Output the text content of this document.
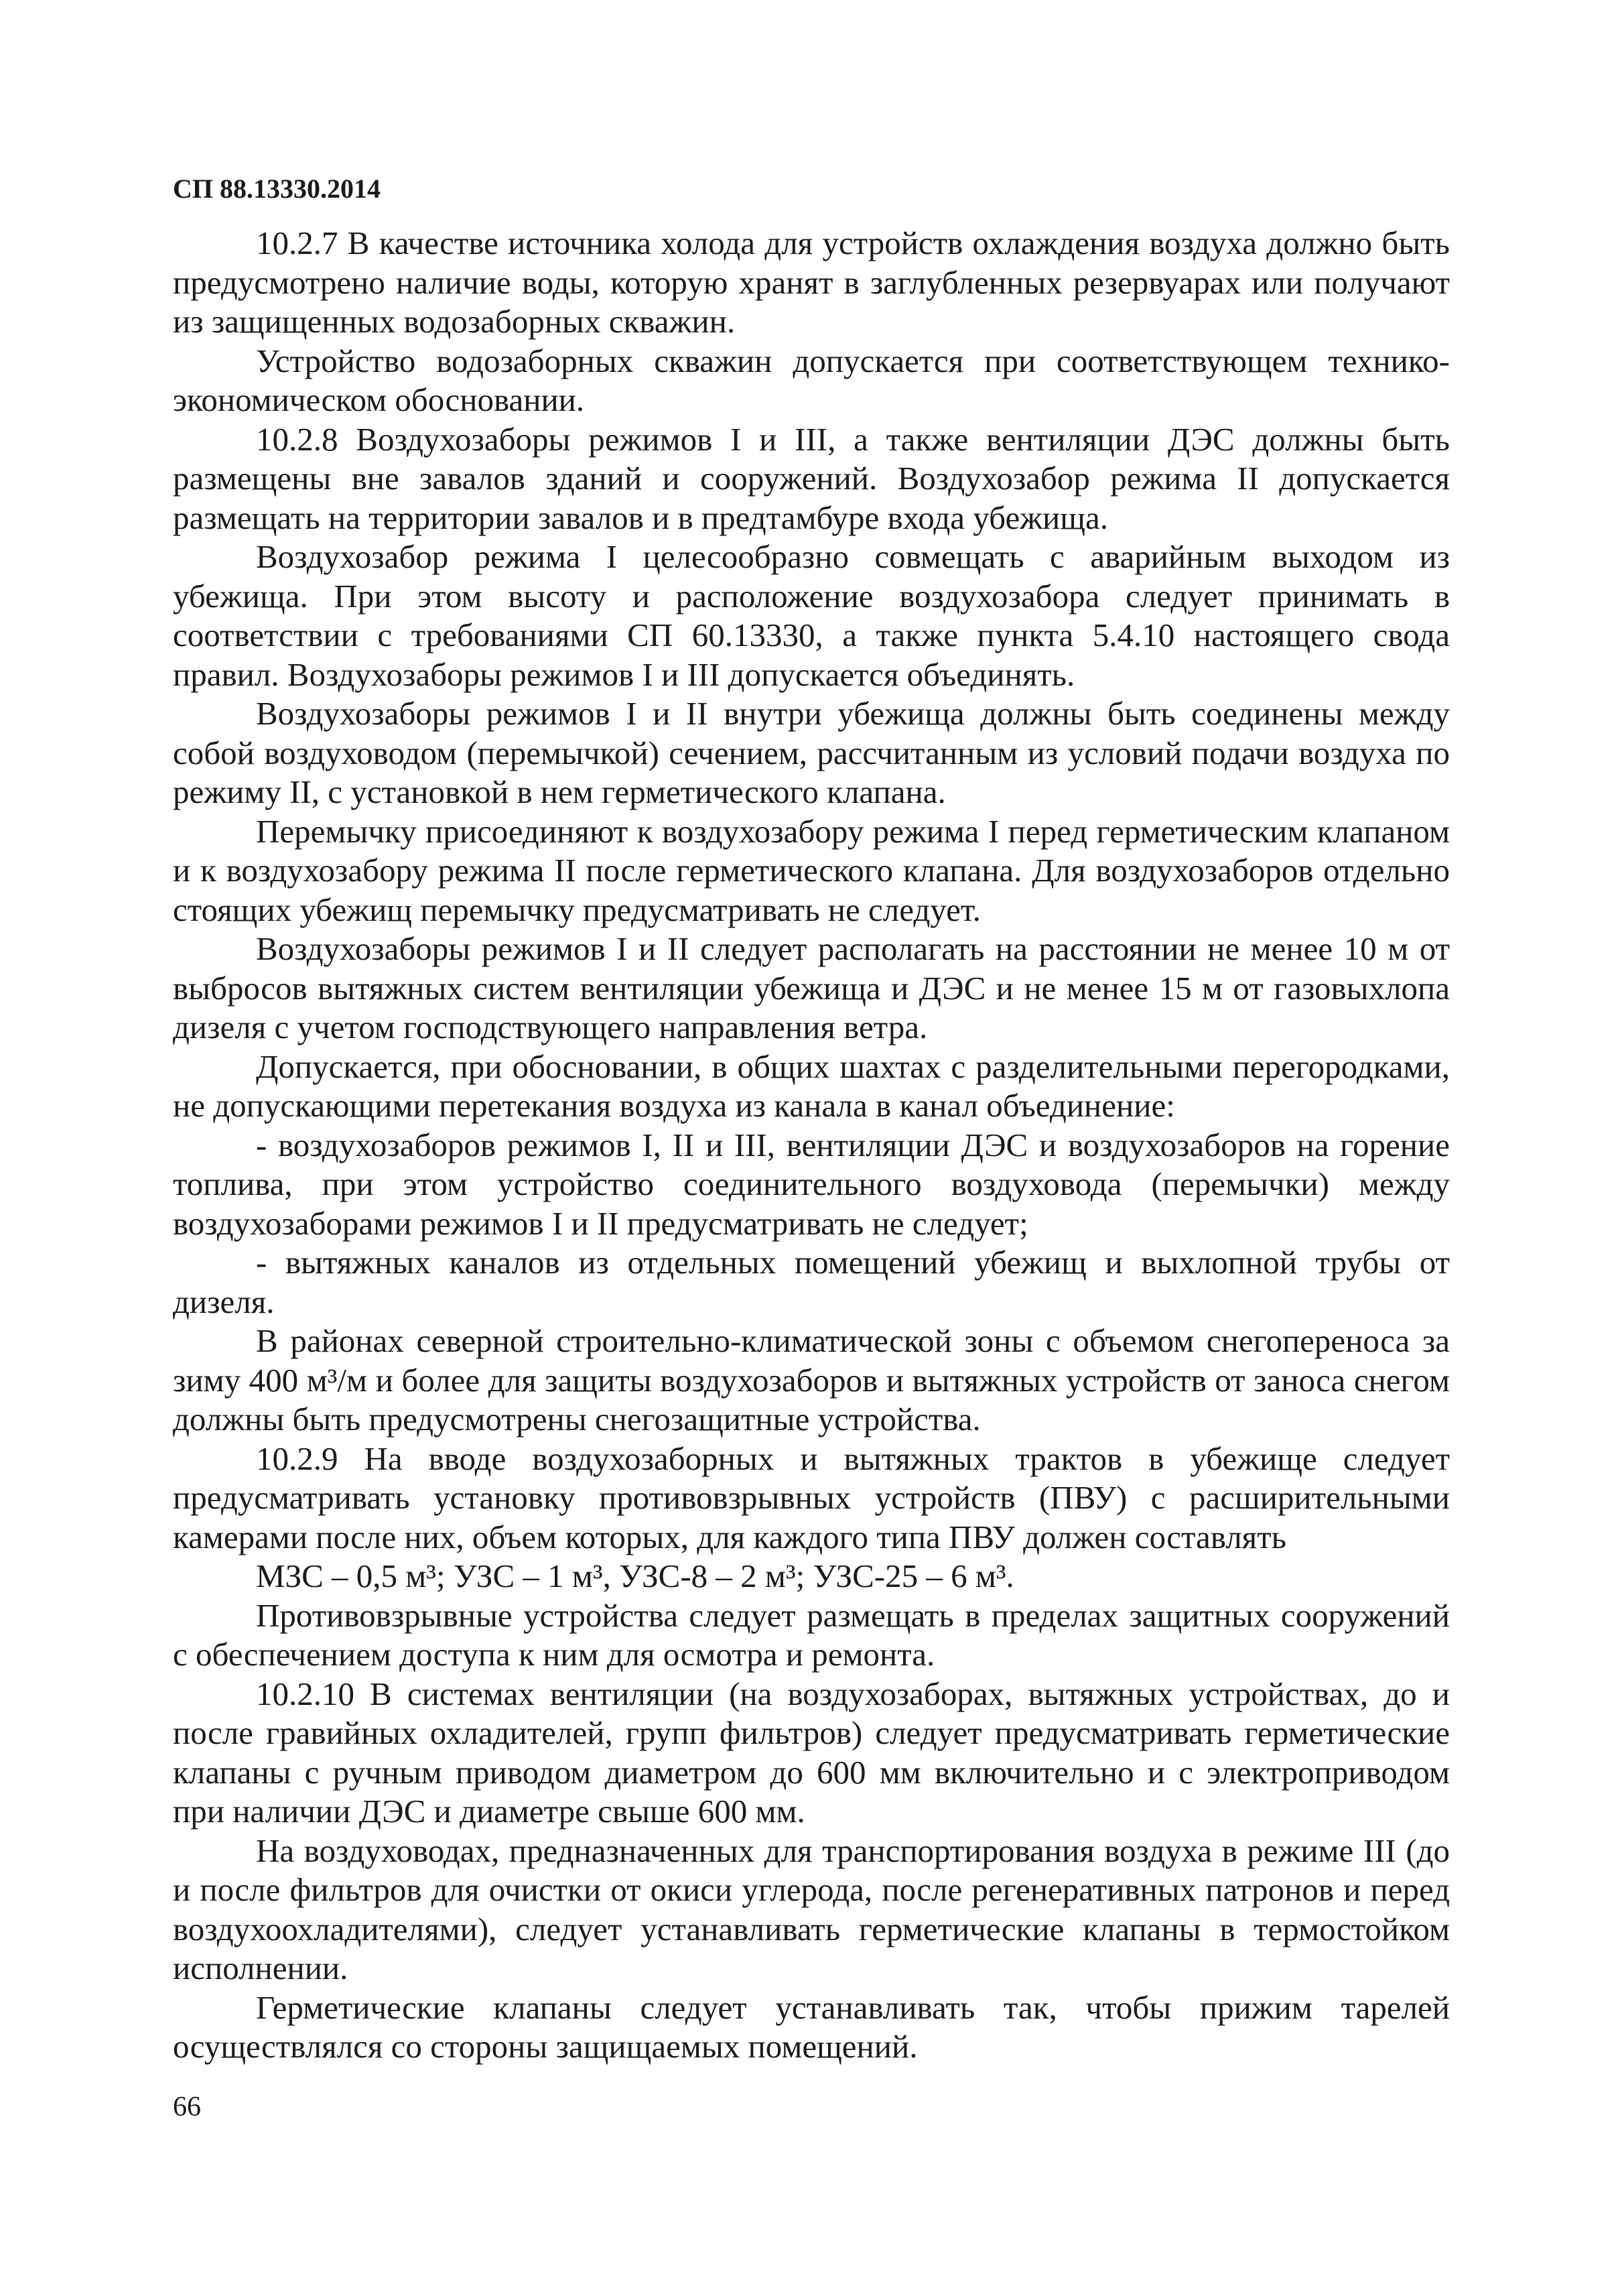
СП 88.13330.2014

10.2.7 В качестве источника холода для устройств охлаждения воздуха должно быть предусмотрено наличие воды, которую хранят в заглубленных резервуарах или получают из защищенных водозаборных скважин.

Устройство водозаборных скважин допускается при соответствующем технико-экономическом обосновании.

10.2.8 Воздухозаборы режимов I и III, а также вентиляции ДЭС должны быть размещены вне завалов зданий и сооружений. Воздухозабор режима II допускается размещать на территории завалов и в предтамбуре входа убежища.

Воздухозабор режима I целесообразно совмещать с аварийным выходом из убежища. При этом высоту и расположение воздухозабора следует принимать в соответствии с требованиями СП 60.13330, а также пункта 5.4.10 настоящего свода правил. Воздухозаборы режимов I и III допускается объединять.

Воздухозаборы режимов I и II внутри убежища должны быть соединены между собой воздуховодом (перемычкой) сечением, рассчитанным из условий подачи воздуха по режиму II, с установкой в нем герметического клапана.

Перемычку присоединяют к воздухозабору режима I перед герметическим клапаном и к воздухозабору режима II после герметического клапана. Для воздухозаборов отдельно стоящих убежищ перемычку предусматривать не следует.

Воздухозаборы режимов I и II следует располагать на расстоянии не менее 10 м от выбросов вытяжных систем вентиляции убежища и ДЭС и не менее 15 м от газовыхлопа дизеля с учетом господствующего направления ветра.

Допускается, при обосновании, в общих шахтах с разделительными перегородками, не допускающими перетекания воздуха из канала в канал объединение:

- воздухозаборов режимов I, II и III, вентиляции ДЭС и воздухозаборов на горение топлива, при этом устройство соединительного воздуховода (перемычки) между воздухозаборами режимов I и II предусматривать не следует;

- вытяжных каналов из отдельных помещений убежищ и выхлопной трубы от дизеля.

В районах северной строительно-климатической зоны с объемом снегопереноса за зиму 400 м³/м и более для защиты воздухозаборов и вытяжных устройств от заноса снегом должны быть предусмотрены снегозащитные устройства.

10.2.9 На вводе воздухозаборных и вытяжных трактов в убежище следует предусматривать установку противовзрывных устройств (ПВУ) с расширительными камерами после них, объем которых, для каждого типа ПВУ должен составлять

МЗС – 0,5 м³; УЗС – 1 м³, УЗС-8 – 2 м³; УЗС-25 – 6 м³.

Противовзрывные устройства следует размещать в пределах защитных сооружений с обеспечением доступа к ним для осмотра и ремонта.

10.2.10 В системах вентиляции (на воздухозаборах, вытяжных устройствах, до и после гравийных охладителей, групп фильтров) следует предусматривать герметические клапаны с ручным приводом диаметром до 600 мм включительно и с электроприводом при наличии ДЭС и диаметре свыше 600 мм.

На воздуховодах, предназначенных для транспортирования воздуха в режиме III (до и после фильтров для очистки от окиси углерода, после регенеративных патронов и перед воздухоохладителями), следует устанавливать герметические клапаны в термостойком исполнении.

Герметические клапаны следует устанавливать так, чтобы прижим тарелей осуществлялся со стороны защищаемых помещений.

66
